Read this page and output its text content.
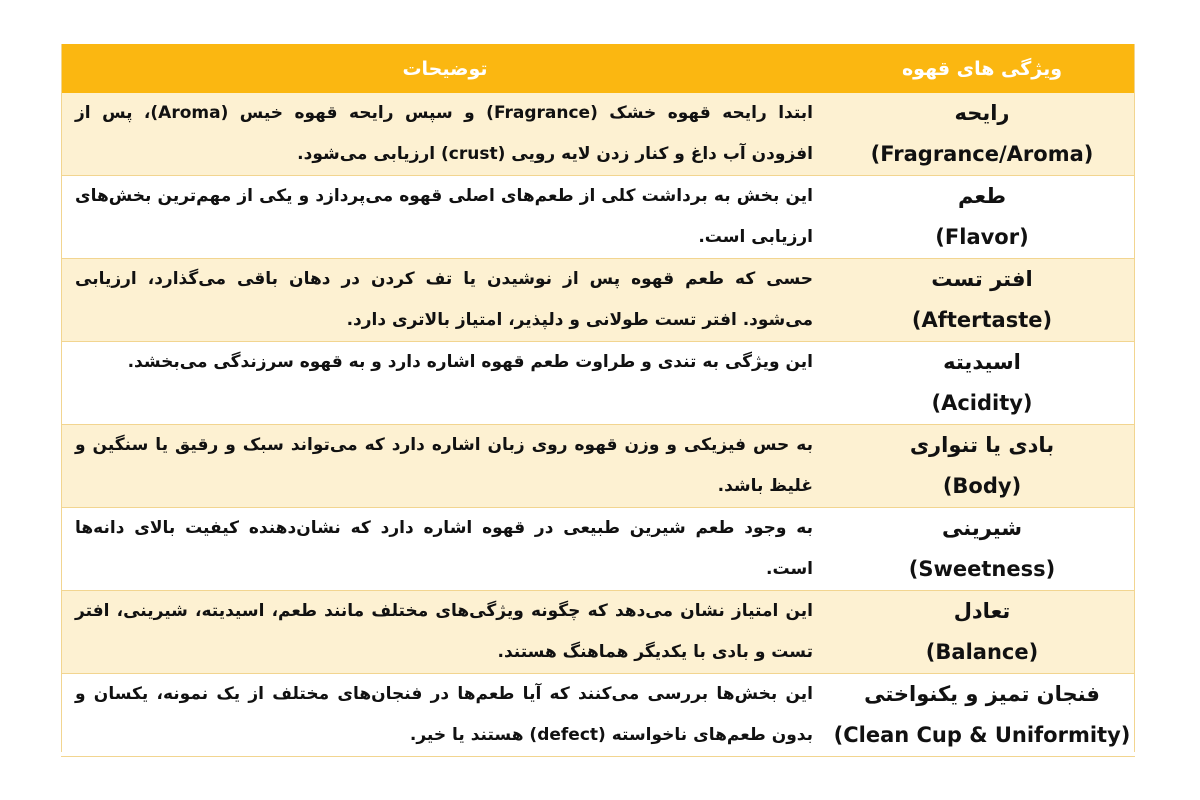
ویژگی های قهوه	توضیحات

رایحه
(Fragrance/Aroma)	ابتدا رایحه قهوه خشک (Fragrance) و سپس رایحه قهوه خیس (Aroma)، پس از افزودن آب داغ و کنار زدن لایه رویی (crust) ارزیابی می‌شود.

طعم
(Flavor)	این بخش به برداشت کلی از طعم‌های اصلی قهوه می‌پردازد و یکی از مهم‌ترین بخش‌های ارزیابی است.

افتر تست
(Aftertaste)	حسی که طعم قهوه پس از نوشیدن یا تف کردن در دهان باقی می‌گذارد، ارزیابی می‌شود. افتر تست طولانی و دلپذیر، امتیاز بالاتری دارد.

اسیدیته
(Acidity)	این ویژگی به تندی و طراوت طعم قهوه اشاره دارد و به قهوه سرزندگی می‌بخشد.

بادی یا تنواری
(Body)	به حس فیزیکی و وزن قهوه روی زبان اشاره دارد که می‌تواند سبک و رقیق یا سنگین و غلیظ باشد.

شیرینی
(Sweetness)	به وجود طعم شیرین طبیعی در قهوه اشاره دارد که نشان‌دهنده کیفیت بالای دانه‌ها است.

تعادل
(Balance)	این امتیاز نشان می‌دهد که چگونه ویژگی‌های مختلف مانند طعم، اسیدیته، شیرینی، افتر تست و بادی با یکدیگر هماهنگ هستند.

فنجان تمیز و یکنواختی
(Clean Cup & Uniformity)	این بخش‌ها بررسی می‌کنند که آیا طعم‌ها در فنجان‌های مختلف از یک نمونه، یکسان و بدون طعم‌های ناخواسته (defect) هستند یا خیر.
